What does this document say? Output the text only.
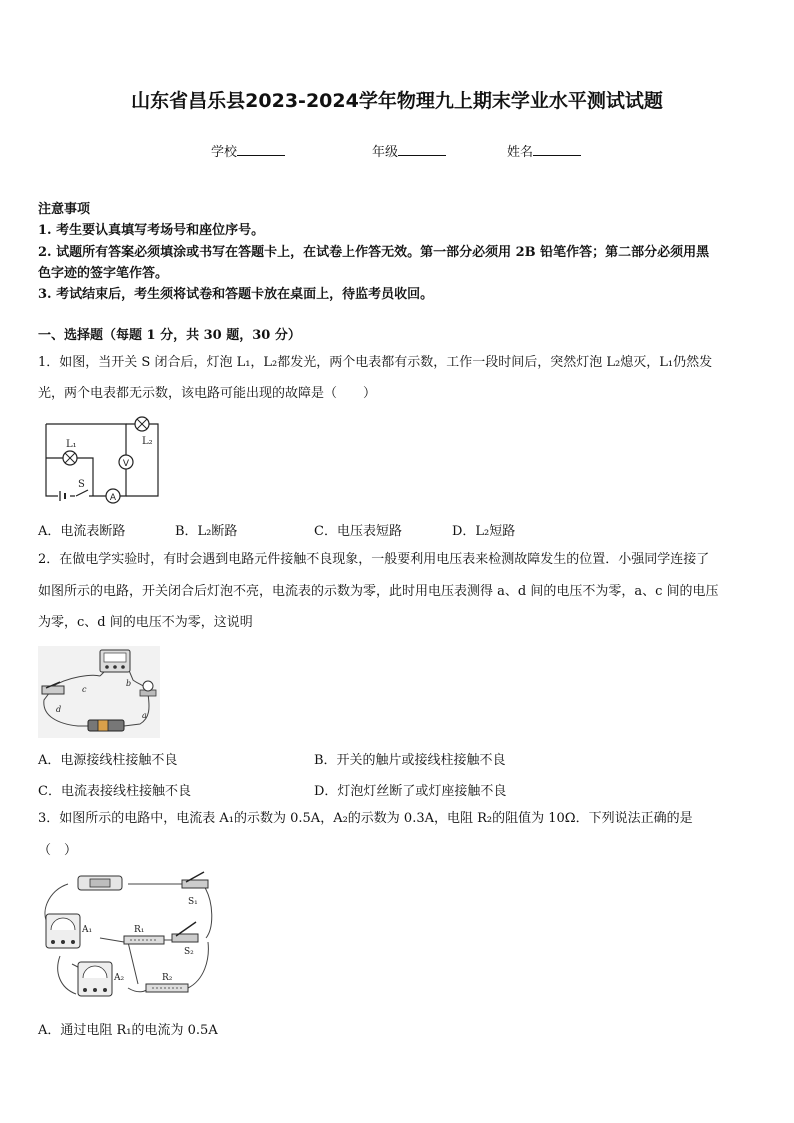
山东省昌乐县2023-2024学年物理九上期末学业水平测试试题
学校	年级	姓名
注意事项
1. 考生要认真填写考场号和座位序号。
2. 试题所有答案必须填涂或书写在答题卡上，在试卷上作答无效。第一部分必须用 2B 铅笔作答；第二部分必须用黑
色字迹的签字笔作答。
3. 考试结束后，考生须将试卷和答题卡放在桌面上，待监考员收回。
一、选择题（每题 1 分，共 30 题，30 分）
1．如图，当开关 S 闭合后，灯泡 L₁，L₂都发光，两个电表都有示数，工作一段时间后，突然灯泡 L₂熄灭，L₁仍然发
光，两个电表都无示数，该电路可能出现的故障是（　　）
V
A
L₁	L₂
S
A．电流表断路	B．L₂断路	C．电压表短路	D．L₂短路
2．在做电学实验时，有时会遇到电路元件接触不良现象，一般要利用电压表来检测故障发生的位置．小强同学连接了
如图所示的电路，开关闭合后灯泡不亮，电流表的示数为零，此时用电压表测得 a、d 间的电压不为零，a、c 间的电压
为零，c、d 间的电压不为零，这说明
b
a
c
d
A．电源接线柱接触不良	B．开关的触片或接线柱接触不良
C．电流表接线柱接触不良	D．灯泡灯丝断了或灯座接触不良
3．如图所示的电路中，电流表 A₁的示数为 0.5A，A₂的示数为 0.3A，电阻 R₂的阻值为 10Ω．下列说法正确的是
（　）
S₁
S₂
A₁
A₂
R₁
R₂
A．通过电阻 R₁的电流为 0.5A
